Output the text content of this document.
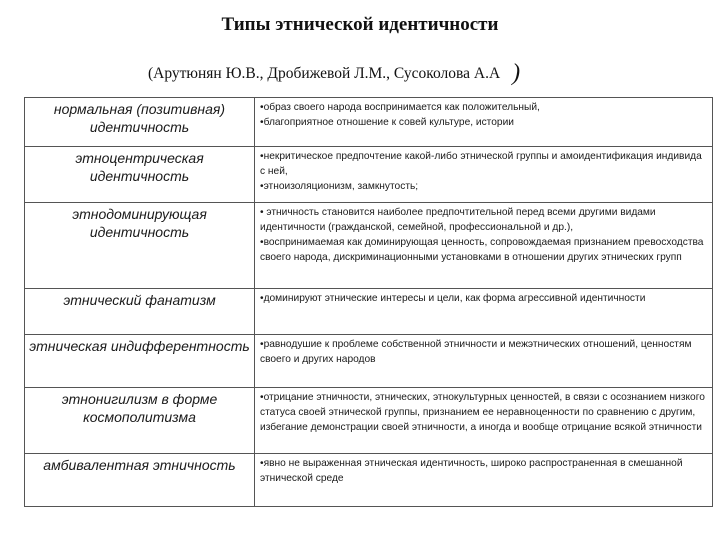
Типы этнической идентичности
(Арутюнян Ю.В., Дробижевой Л.М., Сусоколова А.А )
нормальная (позитивная) идентичность	•образ своего народа воспринимается как положительный,

•благоприятное отношение к совей культуре, истории

этноцентрическая идентичность	•некритическое предпочтение какой-либо этнической группы и амоидентификация индивида с ней,

•этноизоляционизм, замкнутость;

этнодоминирующая идентичность	• этничность становится наиболее предпочтительной перед всеми другими видами идентичности (гражданской, семейной, профессиональной и др.),

•воспринимаемая как доминирующая ценность, сопровождаемая признанием превосходства своего народа, дискриминационными установками в отношении других этнических групп

этнический фанатизм	•доминируют этнические интересы и цели, как форма агрессивной идентичности

этническая индифферентность	•равнодушие к проблеме собственной этничности и межэтнических отношений, ценностям своего и других народов

этнонигилизм в форме космополитизма	•отрицание этничности, этнических, этнокультурных ценностей, в связи с осознанием низкого статуса своей этнической группы, признанием ее неравноценности по сравнению с другим, избегание демонстрации своей этничности, а иногда и вообще отрицание всякой этничности

амбивалентная этничность	•явно не выраженная этническая идентичность, широко распространенная в смешанной этнической среде
